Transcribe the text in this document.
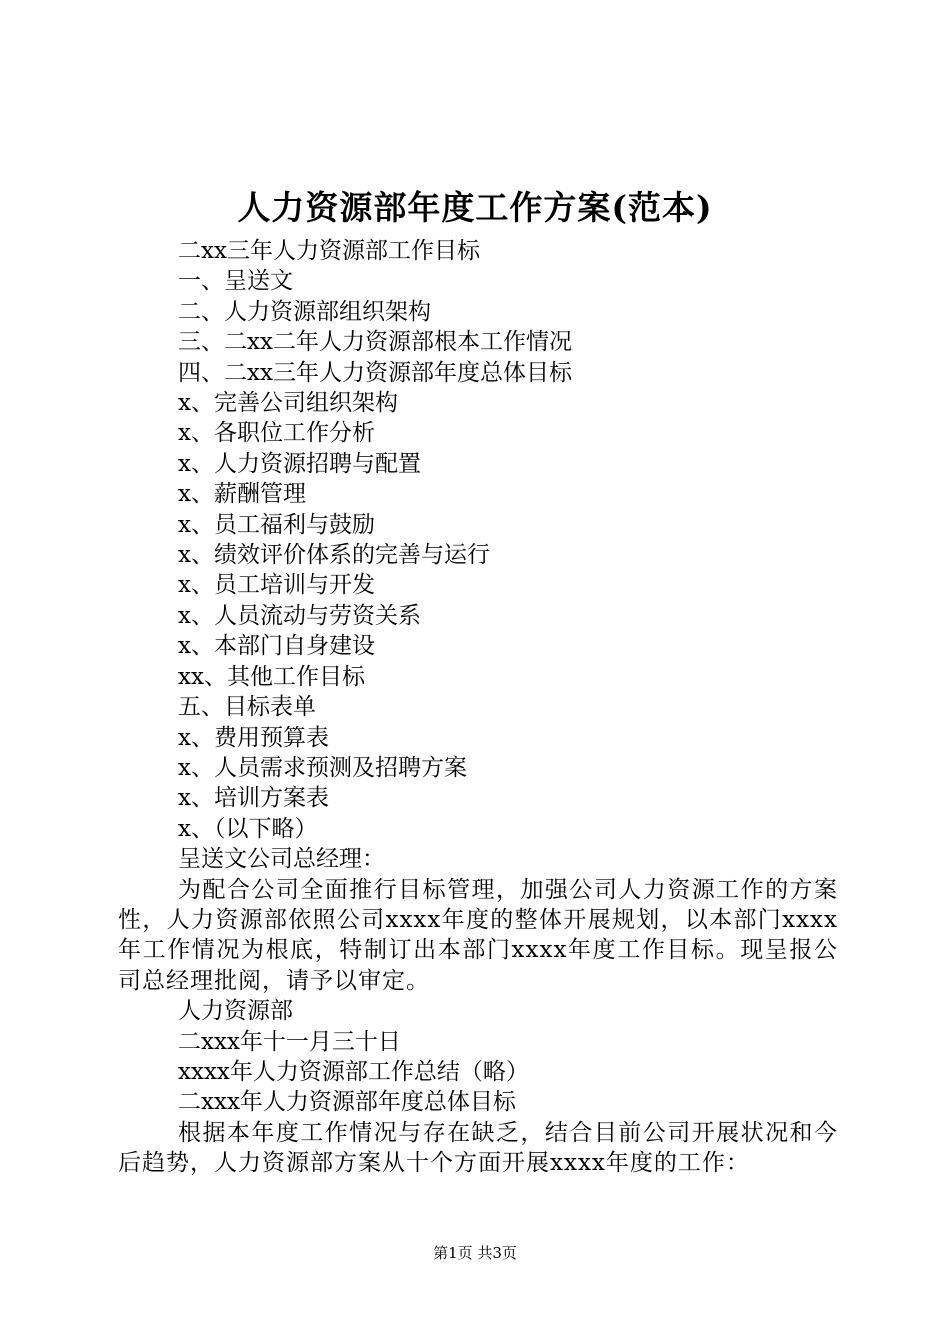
人力资源部年度工作方案(范本)
二xx三年人力资源部工作目标
一、呈送文
二、人力资源部组织架构
三、二xx二年人力资源部根本工作情况
四、二xx三年人力资源部年度总体目标
x、完善公司组织架构
x、各职位工作分析
x、人力资源招聘与配置
x、薪酬管理
x、员工福利与鼓励
x、绩效评价体系的完善与运行
x、员工培训与开发
x、人员流动与劳资关系
x、本部门自身建设
xx、其他工作目标
五、目标表单
x、费用预算表
x、人员需求预测及招聘方案
x、培训方案表
x、（以下略）
呈送文公司总经理：

为配合公司全面推行目标管理，加强公司人力资源工作的方案性，人力资源部依照公司xxxx年度的整体开展规划，以本部门xxxx年工作情况为根底，特制订出本部门xxxx年度工作目标。现呈报公司总经理批阅，请予以审定。

人力资源部
二xxx年十一月三十日
xxxx年人力资源部工作总结（略）
二xxx年人力资源部年度总体目标

根据本年度工作情况与存在缺乏，结合目前公司开展状况和今后趋势，人力资源部方案从十个方面开展xxxx年度的工作：

第1页 共3页
